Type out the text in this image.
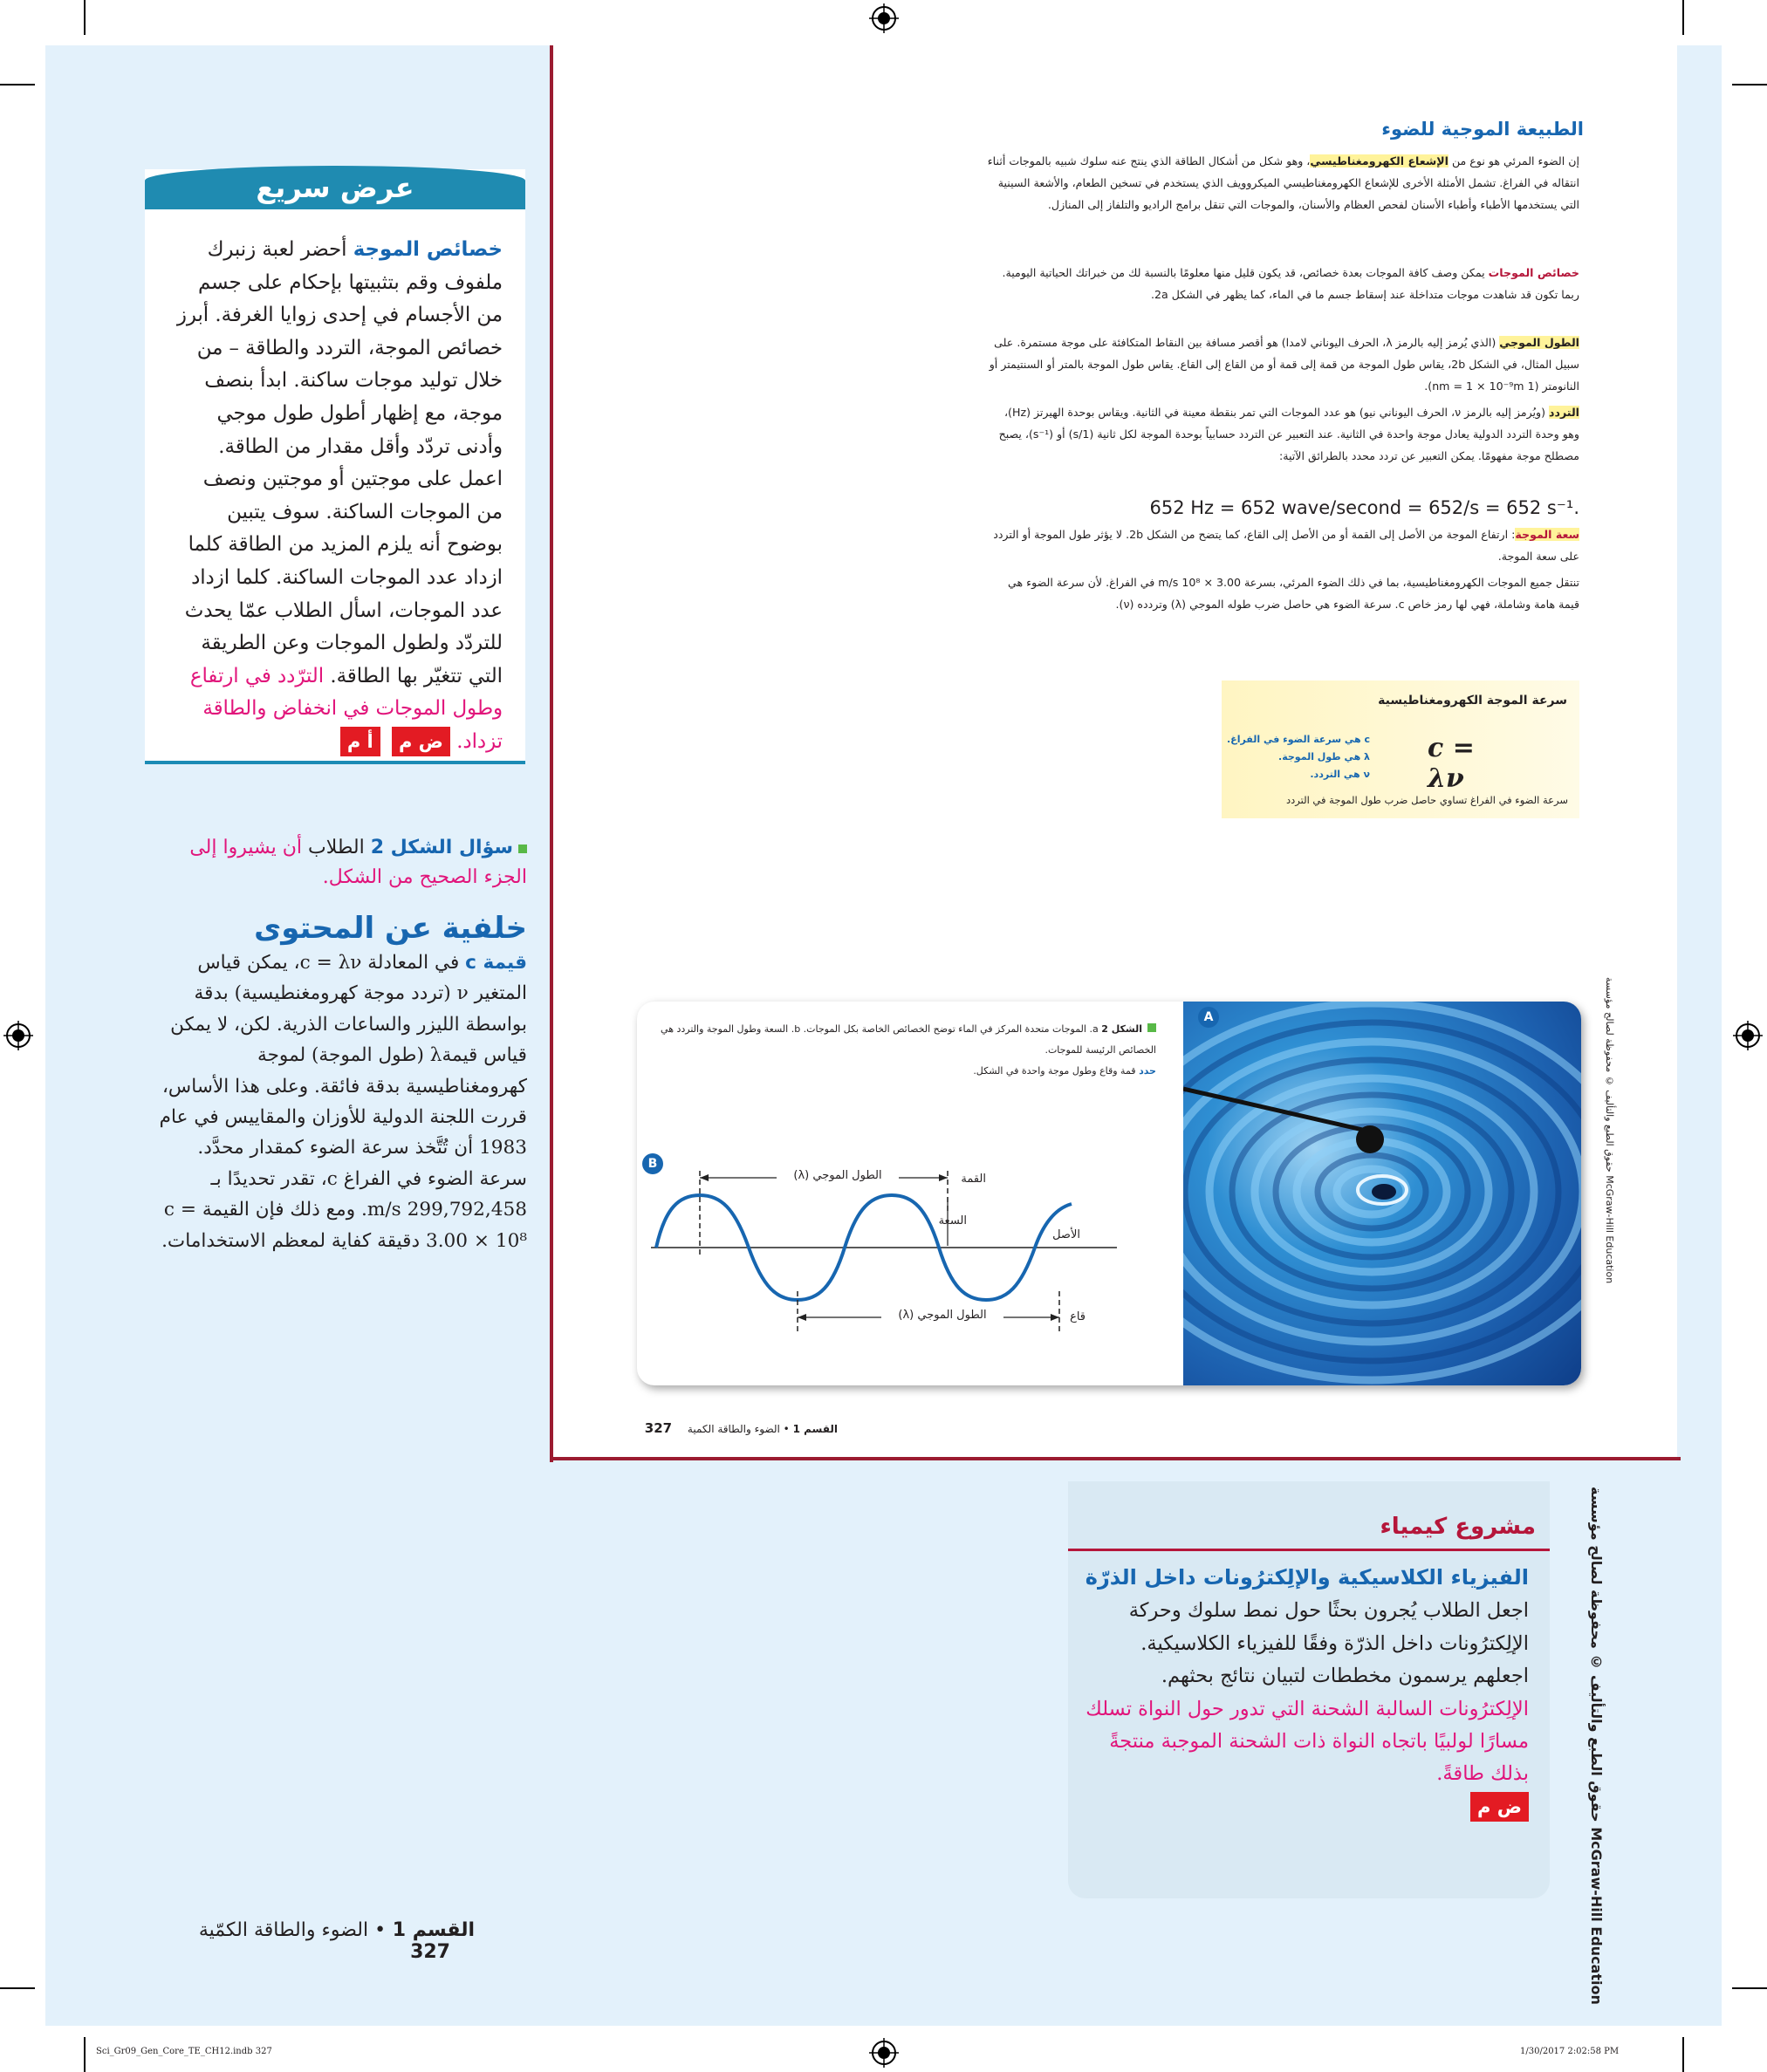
عرض سريع
خصائص الموجة أحضر لعبة زنبرك ملفوف وقم بتثبيتها بإحكام على جسم من الأجسام في إحدى زوايا الغرفة. أبرز خصائص الموجة، التردد والطاقة – من خلال توليد موجات ساكنة. ابدأ بنصف موجة، مع إظهار أطول طول موجي وأدنى تردّد وأقل مقدار من الطاقة. اعمل على موجتين أو موجتين ونصف من الموجات الساكنة. سوف يتبين بوضوح أنه يلزم المزيد من الطاقة كلما ازداد عدد الموجات الساكنة. كلما ازداد عدد الموجات، اسأل الطلاب عمّا يحدث للتردّد ولطول الموجات وعن الطريقة التي تتغيّر بها الطاقة. الترّدد في ارتفاع وطول الموجات في انخفاض والطاقة تزداد. ض م أ م
سؤال الشكل 2 الطلاب أن يشيروا إلى الجزء الصحيح من الشكل.
خلفية عن المحتوى
قيمة c في المعادلة c = λν، يمكن قياس المتغير ν (تردد موجة كهرومغنطيسية) بدقة بواسطة الليزر والساعات الذرية. لكن، لا يمكن قياس قيمةλ (طول الموجة) لموجة كهرومغناطيسية بدقة فائقة. وعلى هذا الأساس، قررت اللجنة الدولية للأوزان والمقاييس في عام 1983 أن تُتَّخذ سرعة الضوء كمقدار محدَّد.
سرعة الضوء في الفراغ c، تقدر تحديدًا بـ 299,792,458 m/s. ومع ذلك فإن القيمة c = 3.00 × 10⁸ دقيقة كفاية لمعظم الاستخدامات.
القسم 1 • الضوء والطاقة الكمّية 327
الطبيعة الموجية للضوء
إن الضوء المرئي هو نوع من الإشعاع الكهرومغناطيسي، وهو شكل من أشكال الطاقة الذي ينتج عنه سلوك شبيه بالموجات أثناء انتقاله في الفراغ. تشمل الأمثلة الأخرى للإشعاع الكهرومغناطيسي الميكروويف الذي يستخدم في تسخين الطعام، والأشعة السينية التي يستخدمها الأطباء وأطباء الأسنان لفحص العظام والأسنان، والموجات التي تنقل برامج الراديو والتلفاز إلى المنازل.
خصائص الموجات يمكن وصف كافة الموجات بعدة خصائص، قد يكون قليل منها معلومًا بالنسبة لك من خبراتك الحياتية اليومية. ربما تكون قد شاهدت موجات متداخلة عند إسقاط جسم ما في الماء، كما يظهر في الشكل 2a.
الطول الموجي (الذي يُرمز إليه بالرمز λ، الحرف اليوناني لامدا) هو أقصر مسافة بين النقاط المتكافئة على موجة مستمرة. على سبيل المثال، في الشكل 2b، يقاس طول الموجة من قمة إلى قمة أو من القاع إلى القاع. يقاس طول الموجة بالمتر أو السنتيمتر أو النانومتر (1 nm = 1 × 10⁻⁹m).
التردد (ويُرمز إليه بالرمز ν، الحرف اليوناني نيو) هو عدد الموجات التي تمر بنقطة معينة في الثانية. ويقاس بوحدة الهيرتز (Hz)، وهو وحدة التردد الدولية يعادل موجة واحدة في الثانية. عند التعبير عن التردد حسابياً بوحدة الموجة لكل ثانية (1/s) أو (s⁻¹)، يصبح مصطلح موجة مفهومًا. يمكن التعبير عن تردد محدد بالطرائق الآتية:
652 Hz = 652 wave/second = 652/s = 652 s⁻¹.
سعة الموجة: ارتفاع الموجة من الأصل إلى القمة أو من الأصل إلى القاع، كما يتضح من الشكل 2b. لا يؤثر طول الموجة أو التردد على سعة الموجة.
تنتقل جميع الموجات الكهرومغناطيسية، بما في ذلك الضوء المرئي، بسرعة 3.00 × 10⁸ m/s في الفراغ. لأن سرعة الضوء هي قيمة هامة وشاملة، فهي لها رمز خاص c. سرعة الضوء هي حاصل ضرب طوله الموجي (λ) وتردده (ν).
سرعة الموجة الكهرومغناطيسية
c = λν
c هي سرعة الضوء في الفراغ.
λ هي طول الموجة.
ν هي التردد.
سرعة الضوء في الفراغ تساوي حاصل ضرب طول الموجة في التردد
A
B
الشكل 2 a. الموجات متحدة المركز في الماء توضح الخصائص الخاصة بكل الموجات. b. السعة وطول الموجة والتردد هي الخصائص الرئيسة للموجات.
حدد قمة وقاع وطول موجة واحدة في الشكل.
الطول الموجي (λ)	القمة
السعة
الأصل
الطول الموجي (λ)	قاع
القسم 1 • الضوء والطاقة الكمية 327
مشروع كيمياء
الفيزياء الكلاسيكية والإلِكترُونات داخل الذرّة اجعل الطلاب يُجرون بحثًا حول نمط سلوك وحركة الإلِكترُونات داخل الذرّة وفقًا للفيزياء الكلاسيكية. اجعلهم يرسمون مخططات لتبيان نتائج بحثهم. الإلِكترُونات السالبة الشحنة التي تدور حول النواة تسلك مسارًا لولبيًا باتجاه النواة ذات الشحنة الموجبة منتجةً بذلك طاقةً.
ض م
حقوق الطبع والتأليف © محفوظة لصالح مؤسسة McGraw-Hill Education
حقوق الطبع والتأليف © محفوظة لصالح مؤسسة McGraw-Hill Education
Sci_Gr09_Gen_Core_TE_CH12.indb 327	1/30/2017 2:02:58 PM
